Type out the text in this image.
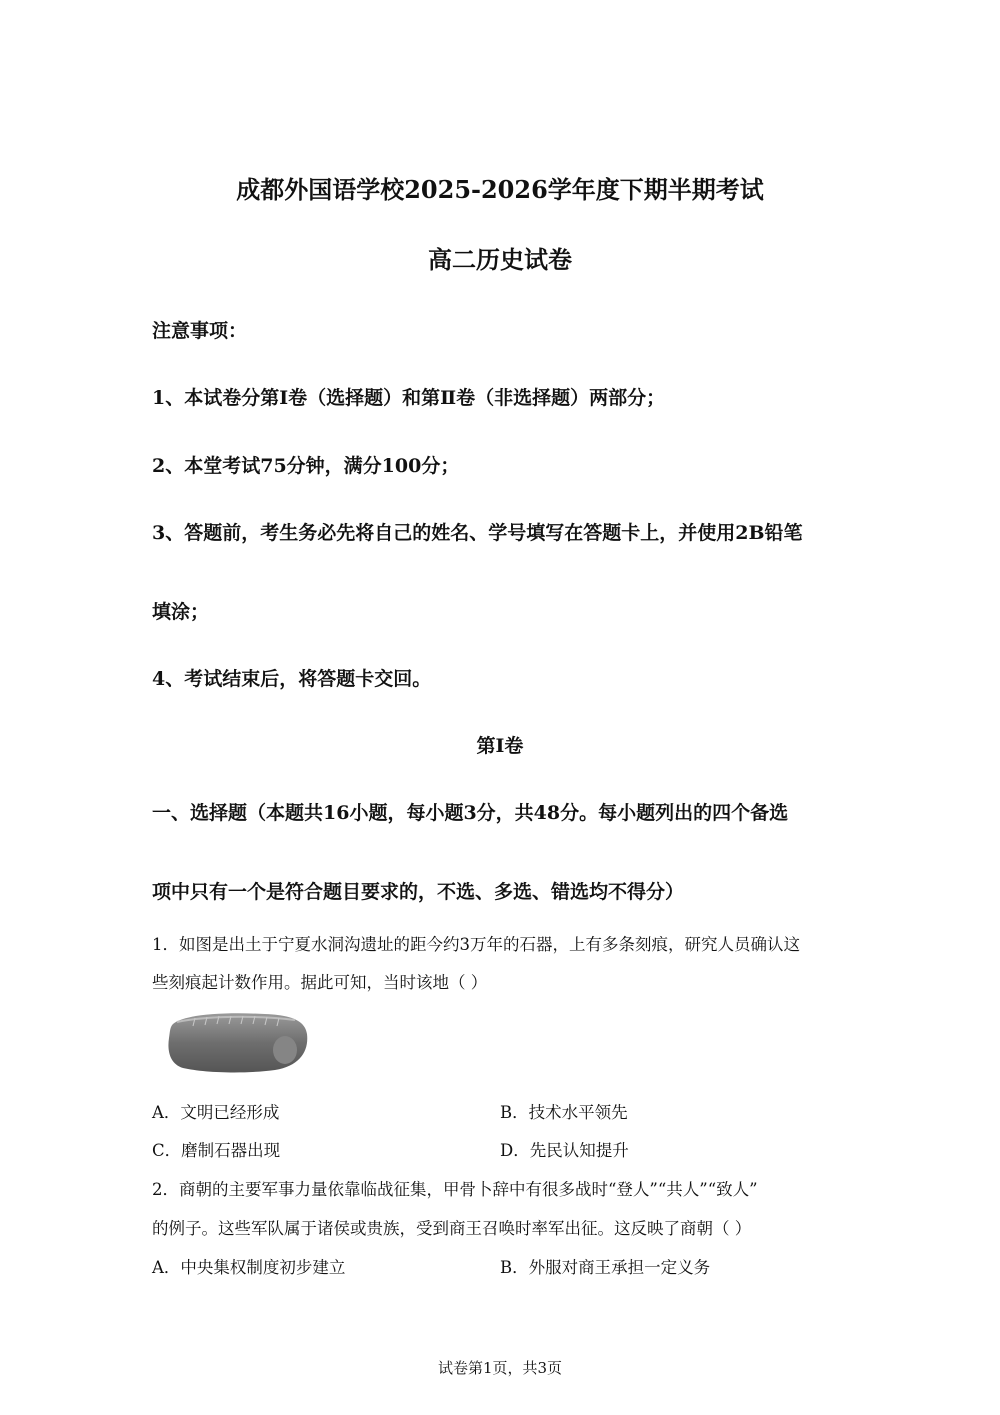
成都外国语学校2025-2026学年度下期半期考试
高二历史试卷
注意事项：
1、本试卷分第Ⅰ卷（选择题）和第Ⅱ卷（非选择题）两部分；
2、本堂考试75分钟，满分100分；
3、答题前，考生务必先将自己的姓名、学号填写在答题卡上，并使用2B铅笔
填涂；
4、考试结束后，将答题卡交回。
第Ⅰ卷
一、选择题（本题共16小题，每小题3分，共48分。每小题列出的四个备选
项中只有一个是符合题目要求的，不选、多选、错选均不得分）
1．如图是出土于宁夏水洞沟遗址的距今约3万年的石器，上有多条刻痕，研究人员确认这
些刻痕起计数作用。据此可知，当时该地（ ）
A．文明已经形成	B．技术水平领先
C．磨制石器出现	D．先民认知提升
2．商朝的主要军事力量依靠临战征集，甲骨卜辞中有很多战时“登人”“共人”“致人”
的例子。这些军队属于诸侯或贵族，受到商王召唤时率军出征。这反映了商朝（ ）
A．中央集权制度初步建立	B．外服对商王承担一定义务
试卷第1页，共3页
